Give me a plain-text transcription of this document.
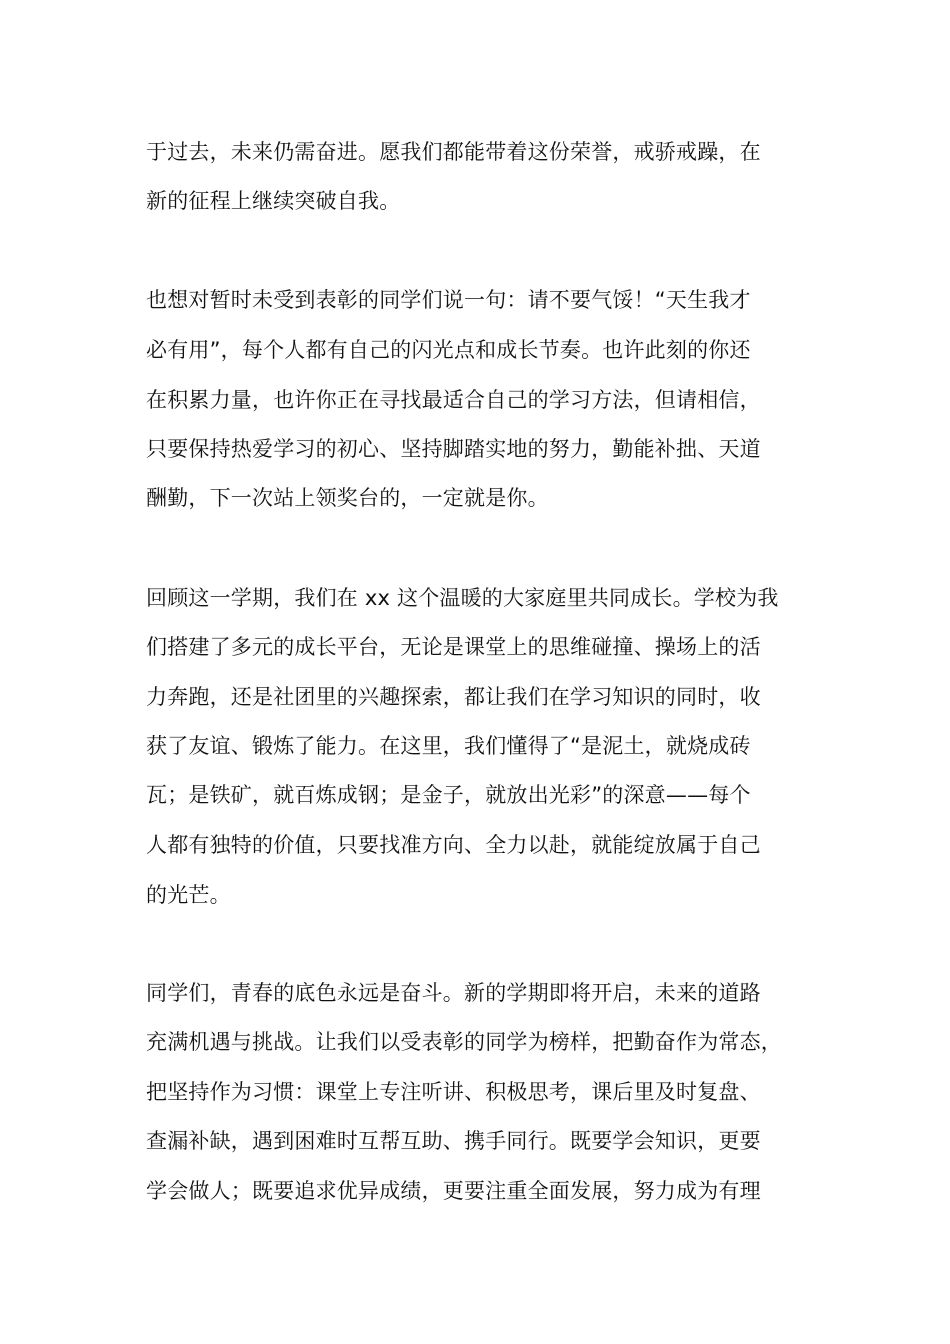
于过去，未来仍需奋进。愿我们都能带着这份荣誉，戒骄戒躁，在
新的征程上继续突破自我。
也想对暂时未受到表彰的同学们说一句：请不要气馁！“天生我才
必有用”，每个人都有自己的闪光点和成长节奏。也许此刻的你还
在积累力量，也许你正在寻找最适合自己的学习方法，但请相信，
只要保持热爱学习的初心、坚持脚踏实地的努力，勤能补拙、天道
酬勤，下一次站上领奖台的，一定就是你。
回顾这一学期，我们在 xx 这个温暖的大家庭里共同成长。学校为我
们搭建了多元的成长平台，无论是课堂上的思维碰撞、操场上的活
力奔跑，还是社团里的兴趣探索，都让我们在学习知识的同时，收
获了友谊、锻炼了能力。在这里，我们懂得了“是泥土，就烧成砖
瓦；是铁矿，就百炼成钢；是金子，就放出光彩”的深意——每个
人都有独特的价值，只要找准方向、全力以赴，就能绽放属于自己
的光芒。
同学们，青春的底色永远是奋斗。新的学期即将开启，未来的道路
充满机遇与挑战。让我们以受表彰的同学为榜样，把勤奋作为常态，
把坚持作为习惯：课堂上专注听讲、积极思考，课后里及时复盘、
查漏补缺，遇到困难时互帮互助、携手同行。既要学会知识，更要
学会做人；既要追求优异成绩，更要注重全面发展，努力成为有理
